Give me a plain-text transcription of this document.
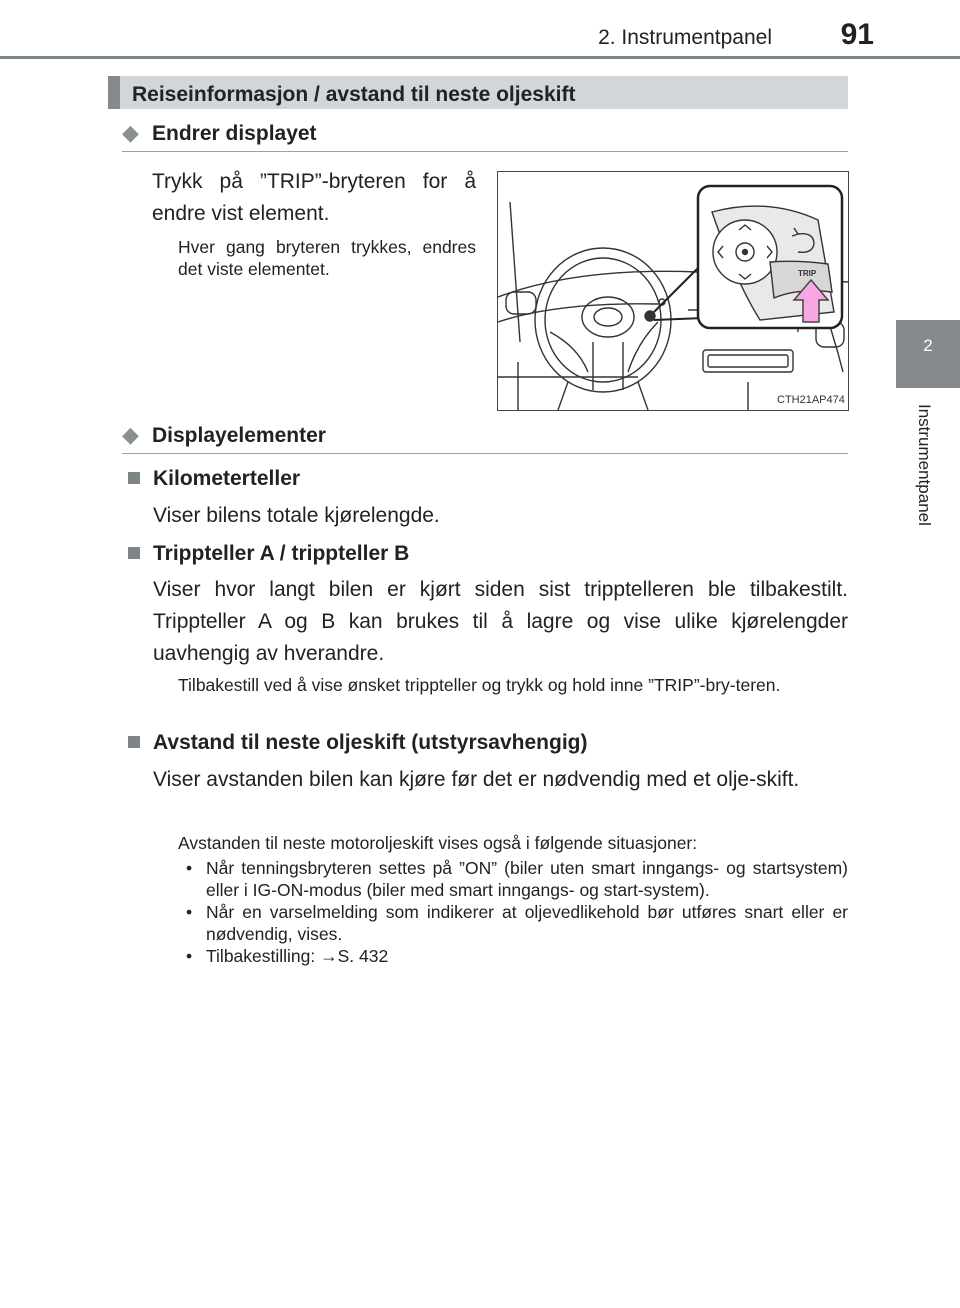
2. Instrumentpanel 91
2
Instrumentpanel
Reiseinformasjon / avstand til neste oljeskift
◆ Endrer displayet
Trykk på ”TRIP”-bryteren for å endre vist element.
Hver gang bryteren trykkes, endres det viste elementet.	TRIP
CTH21AP474
◆ Displayelementer
Kilometerteller
Viser bilens totale kjørelengde.
Trippteller A / trippteller B
Viser hvor langt bilen er kjørt siden sist tripptelleren ble tilbakestilt. Trippteller A og B kan brukes til å lagre og vise ulike kjørelengder uavhengig av hverandre.
Tilbakestill ved å vise ønsket trippteller og trykk og hold inne ”TRIP”-bry-teren.
Avstand til neste oljeskift (utstyrsavhengig)
Viser avstanden bilen kan kjøre før det er nødvendig med et olje-skift.
Avstanden til neste motoroljeskift vises også i følgende situasjoner:
• Når tenningsbryteren settes på ”ON” (biler uten smart inngangs- og startsystem) eller i IG-ON-modus (biler med smart inngangs- og start-system).
• Når en varselmelding som indikerer at oljevedlikehold bør utføres snart eller er nødvendig, vises.
• Tilbakestilling: →S. 432
